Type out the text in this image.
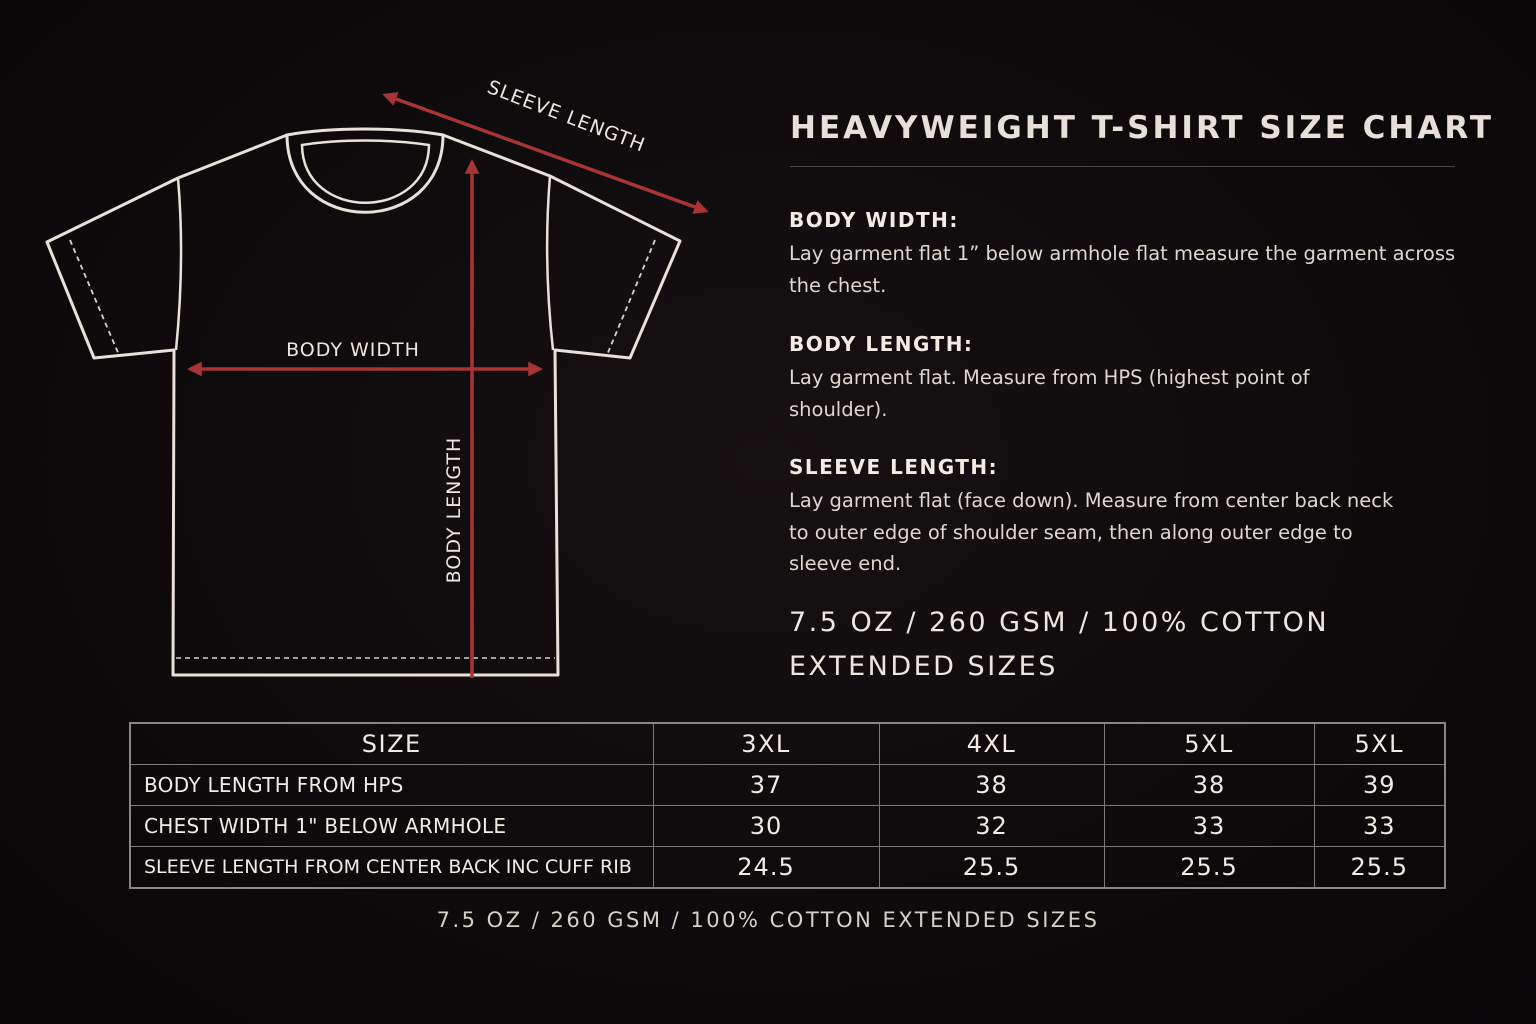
SLEEVE LENGTH
BODY WIDTH
BODY LENGTH
HEAVYWEIGHT T-SHIRT SIZE CHART

BODY WIDTH:

Lay garment flat 1” below armhole flat measure the garment across the chest.

BODY LENGTH:

Lay garment flat. Measure from HPS (highest point of shoulder).

SLEEVE LENGTH:

Lay garment flat (face down). Measure from center back neck to outer edge of shoulder seam, then along outer edge to sleeve end.

7.5 OZ / 260 GSM / 100% COTTON
EXTENDED SIZES
SIZE	3XL	4XL	5XL	5XL
BODY LENGTH FROM HPS	37	38	38	39
CHEST WIDTH 1" BELOW ARMHOLE	30	32	33	33
SLEEVE LENGTH FROM CENTER BACK INC CUFF RIB	24.5	25.5	25.5	25.5
7.5 OZ / 260 GSM / 100% COTTON EXTENDED SIZES
